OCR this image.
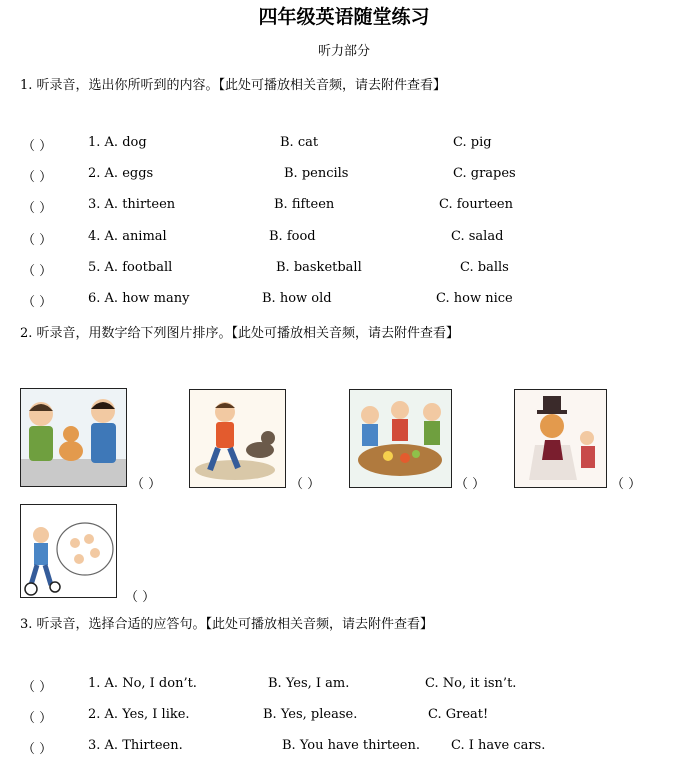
四年级英语随堂练习
听力部分
1. 听录音，选出你所听到的内容。【此处可播放相关音频，请去附件查看】
（ ）	1. A. dog	B. cat	C. pig
（ ）	2. A. eggs	B. pencils	C. grapes
（ ）	3. A. thirteen	B. fifteen	C. fourteen
（ ）	4. A. animal	B. food	C. salad
（ ）	5. A. football	B. basketball	C. balls
（ ）	6. A. how many	B. how old	C. how nice
2. 听录音，用数字给下列图片排序。【此处可播放相关音频，请去附件查看】
（ ）	（ ）	（ ）	（ ）
（ ）
3. 听录音，选择合适的应答句。【此处可播放相关音频，请去附件查看】
（ ）	1. A. No, I don’t.	B. Yes, I am.	C. No, it isn’t.
（ ）	2. A. Yes, I like.	B. Yes, please.	C. Great!
（ ）	3. A. Thirteen.	B. You have thirteen. C. I have cars.
